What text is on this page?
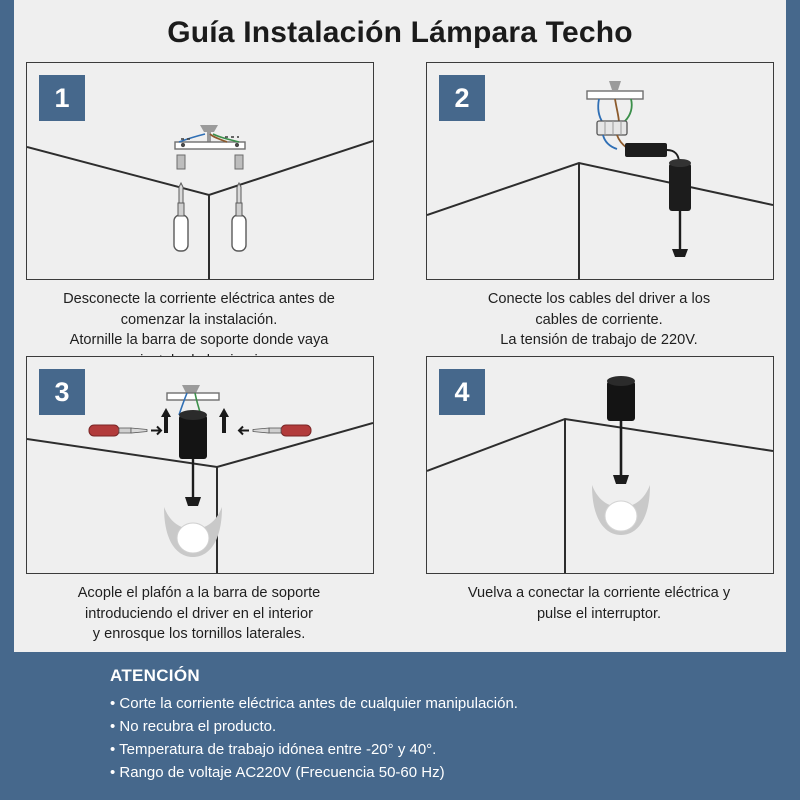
Guía Instalación Lámpara Techo
1
Desconecte la corriente eléctrica antes de
comenzar la instalación.
Atornille la barra de soporte donde vaya
2
Conecte los cables del driver a los
cables de corriente.
La tensión de trabajo de 220V.
3
Acople el plafón a la barra de soporte
introduciendo el driver en el interior
y enrosque los tornillos laterales.
4
Vuelva a conectar la corriente eléctrica y
pulse el interruptor.
ATENCIÓN
• Corte la corriente eléctrica antes de cualquier manipulación.
• No recubra el producto.
• Temperatura de trabajo idónea entre -20° y 40°.
• Rango de voltaje AC220V (Frecuencia 50-60 Hz)
